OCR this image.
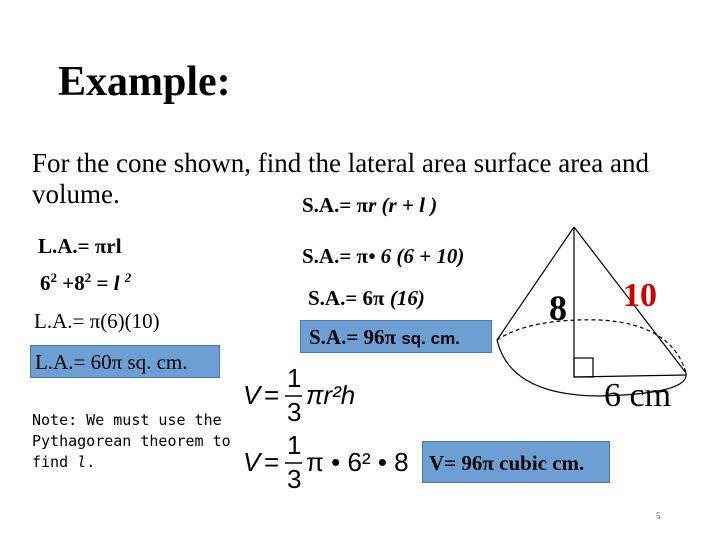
Example:
For the cone shown, find the lateral area surface area and volume.	S.A.= πr (r + l )
L.A.= πrl
$6^2 +8^2 = l$ $^2$
L.A.= π(6)(10)
L.A.= 60π sq. cm.
S.A.= π• 6 (6 + 10)
S.A.= 6π (16)
S.A.= 96π sq. cm.
Note: We must use the Pythagorean theorem to find l.
V =
1
3
πr²h
V =
1
3
π • 6² • 8 V= 96π cubic cm.
8 10
6 cm
5
